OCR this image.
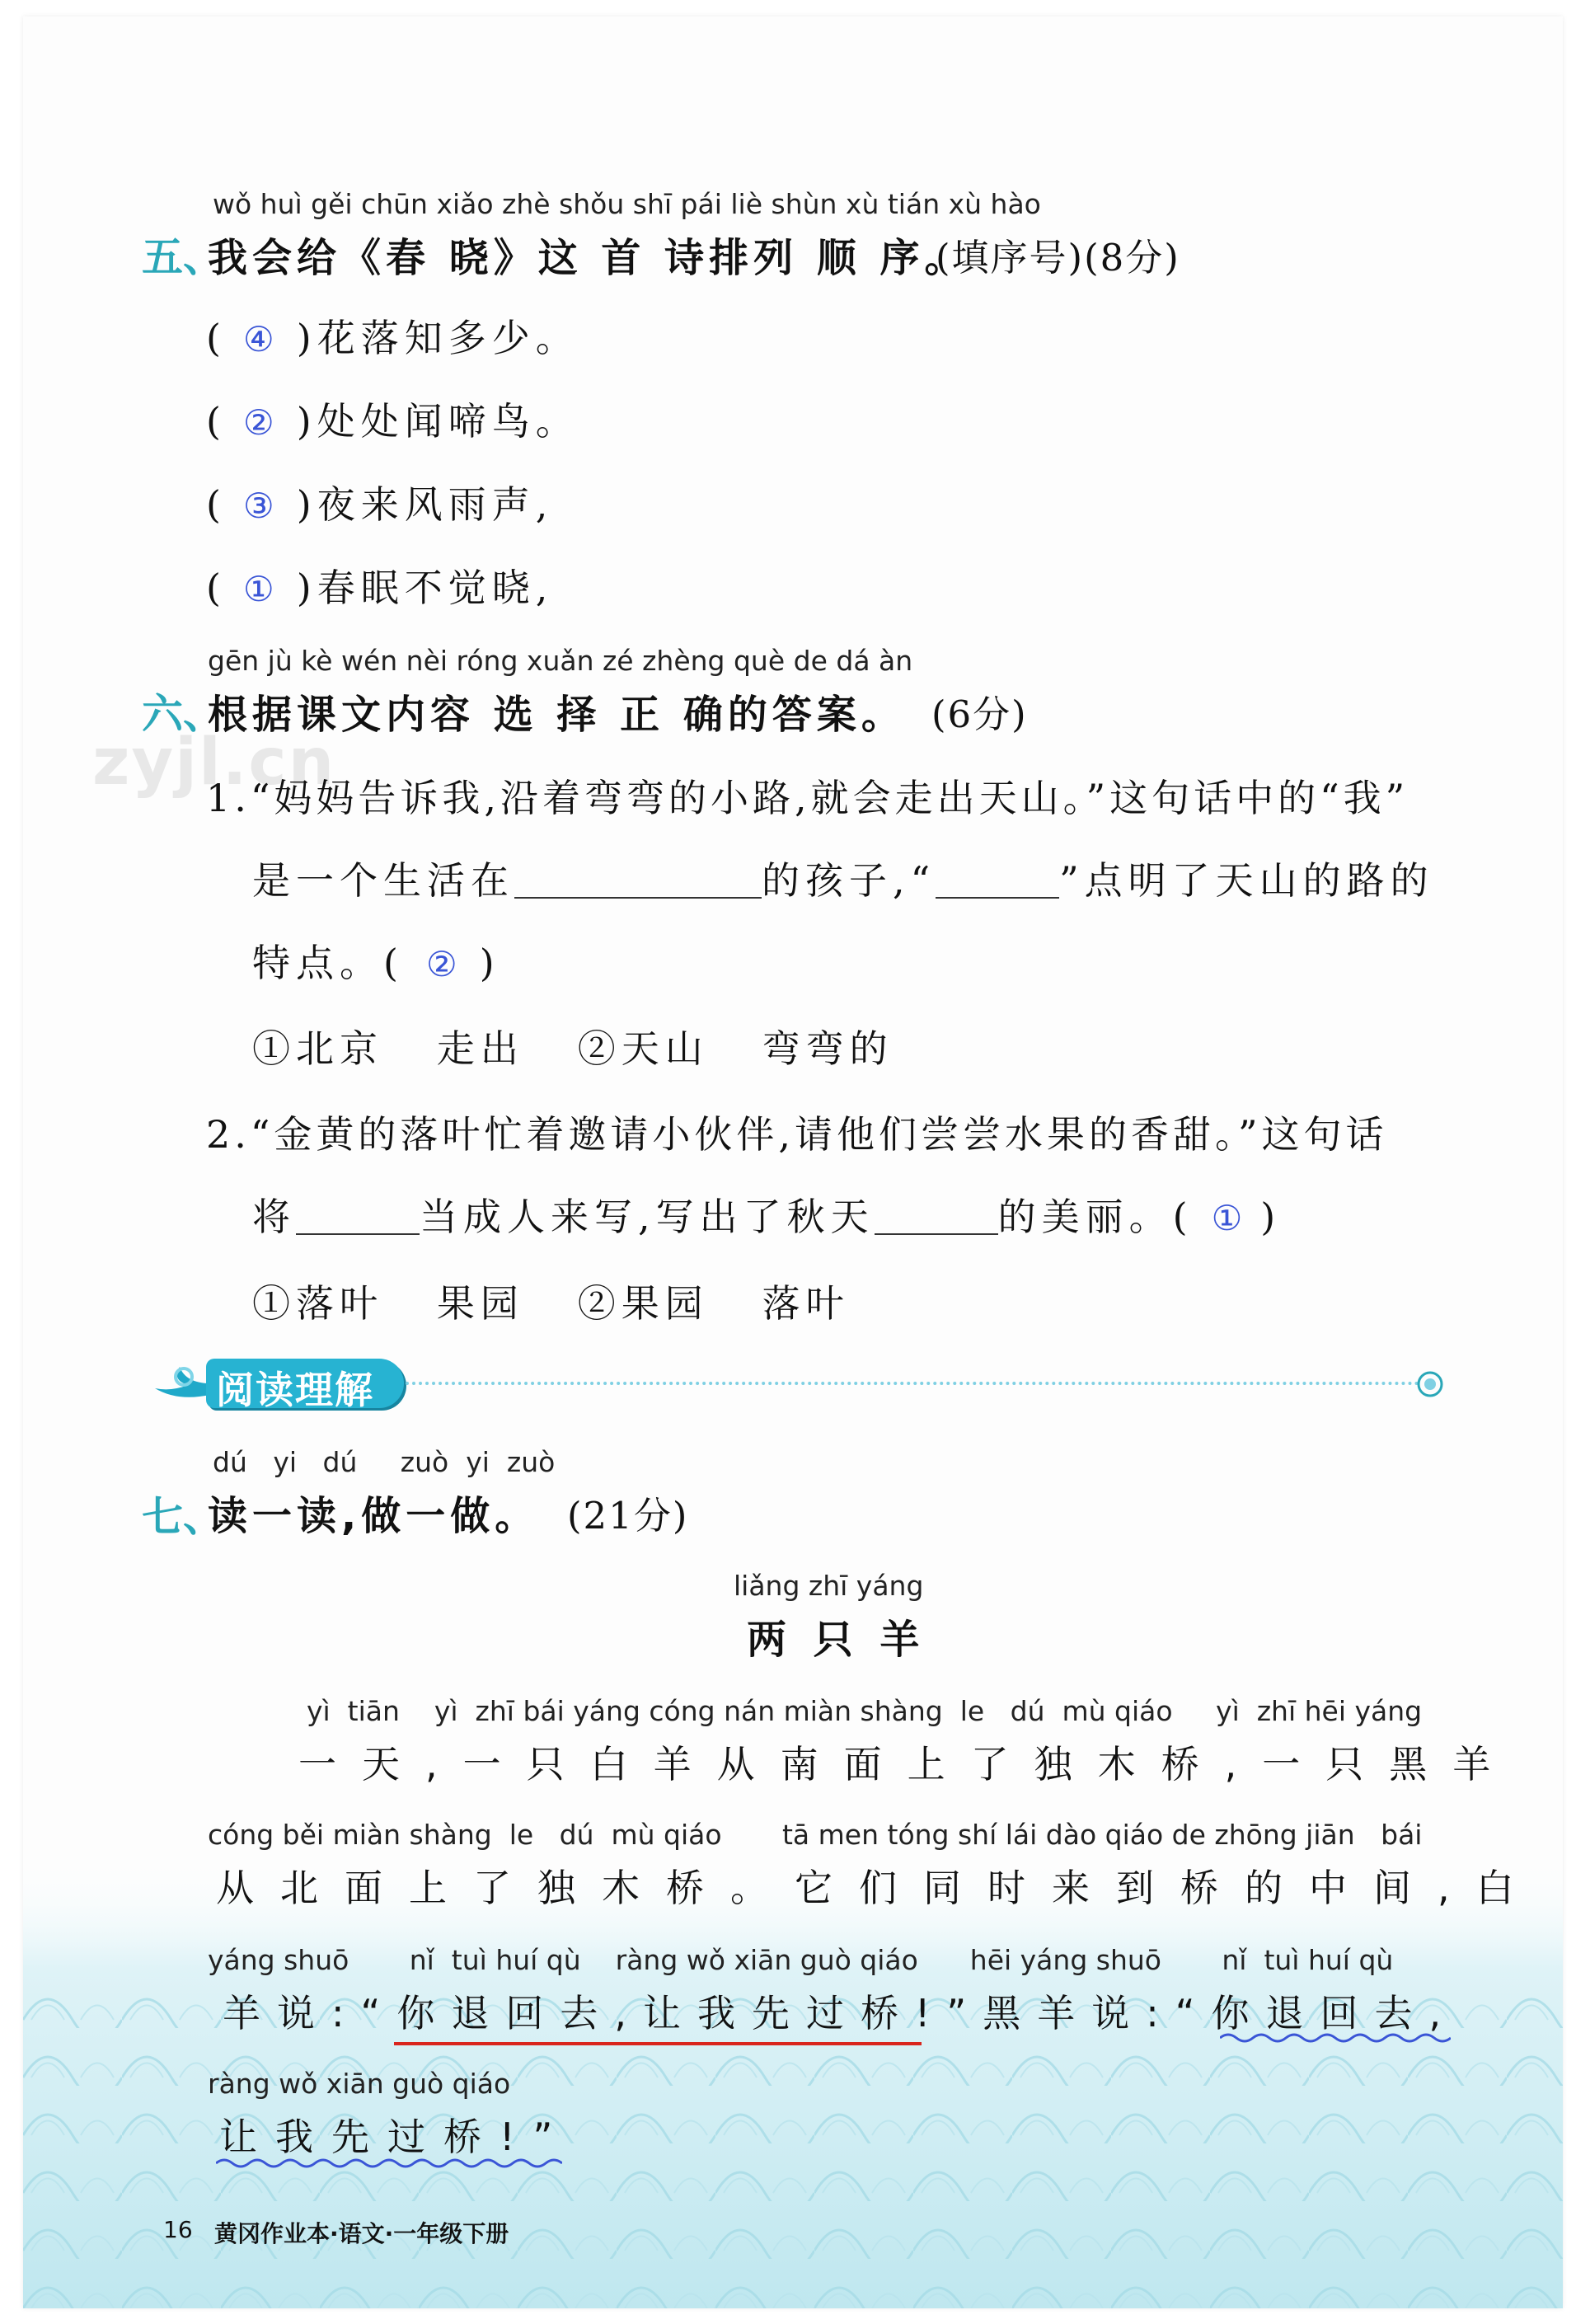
zyjl.cn
wǒ huì gěi chūn xiǎo zhè shǒu shī pái liè shùn xù tián xù hào
五、
我会给《春 晓》这 首 诗排列 顺 序。
(填序号)(8分)
( ④ )花落知多少。
( ② )处处闻啼鸟。
( ③ )夜来风雨声,
( ① )春眠不觉晓,
gēn jù kè wén nèi róng xuǎn zé zhèng què de dá àn
六、
根据课文内容 选 择 正 确的答案。 (6分)
1.“妈妈告诉我,沿着弯弯的小路,就会走出天山。”这句话中的“我”
是一个生活在	的孩子,“	”点明了天山的路的
特点。( ② )
①北京   走出   ②天山   弯弯的
2.“金黄的落叶忙着邀请小伙伴,请他们尝尝水果的香甜。”这句话
将	当成人来写,写出了秋天	的美丽。( ① )
①落叶   果园   ②果园   落叶
阅读理解
dú   yi   dú     zuò  yi  zuò
七、
读一读,做一做。 (21分)
liǎng zhī yáng
两 只 羊
yì  tiān    yì  zhī bái yáng cóng nán miàn shàng  le   dú  mù qiáo     yì  zhī hēi yáng
一天,一只白羊从南面上了独木桥,一只黑羊
cóng běi miàn shàng  le   dú  mù qiáo       tā men tóng shí lái dào qiáo de zhōng jiān   bái
从北面上了独木桥。它们同时来到桥的中间,白
yáng shuō       nǐ  tuì huí qù    ràng wǒ xiān guò qiáo      hēi yáng shuō       nǐ  tuì huí qù
羊说:“你退回去,让我先过桥!”黑羊说:“你退回去,
ràng wǒ xiān guò qiáo
让我先过桥!”
16 黄冈作业本·语文·一年级下册
